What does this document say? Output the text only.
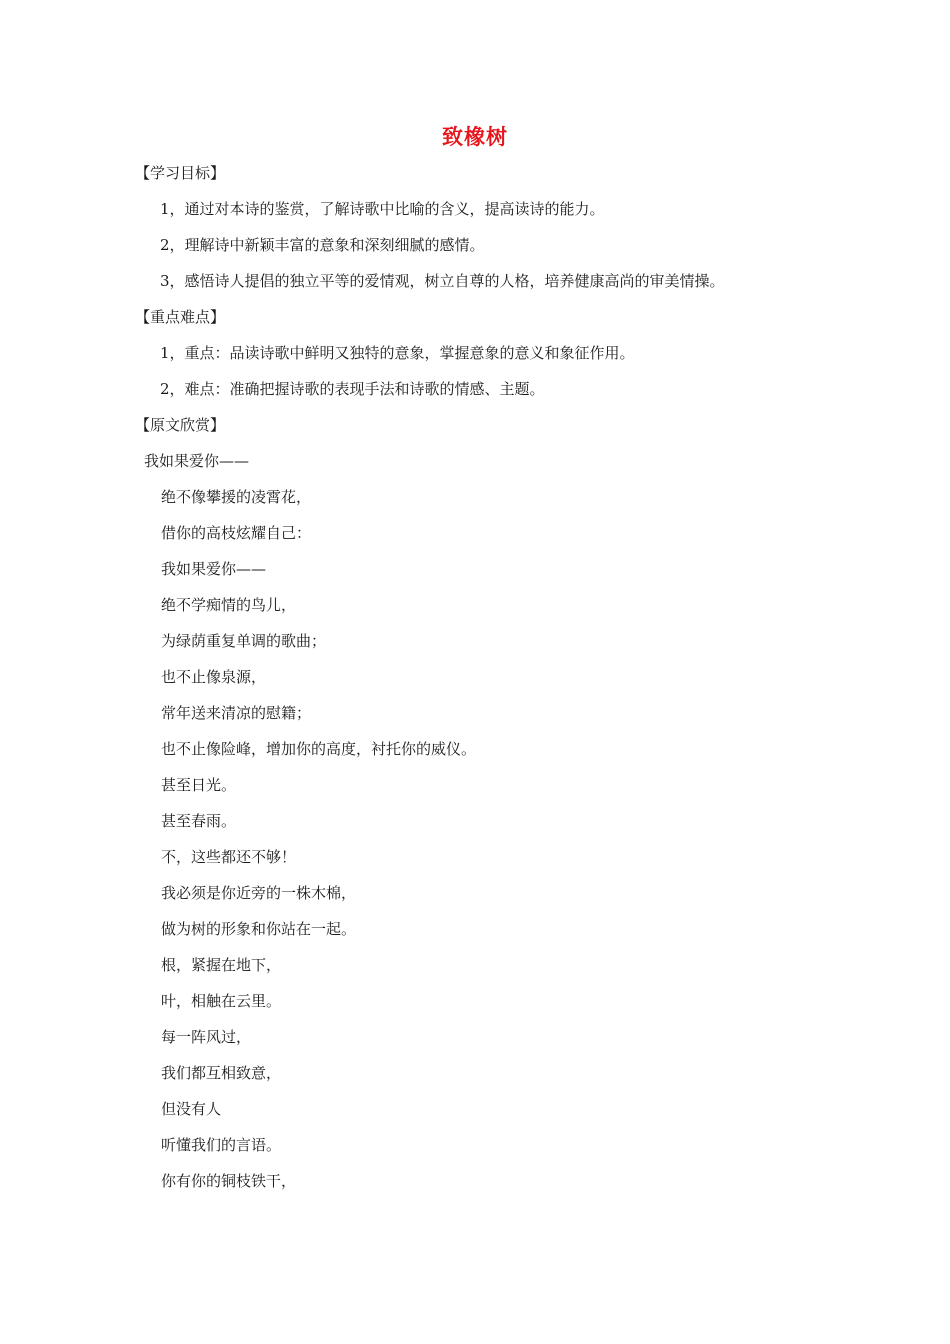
致橡树
【学习目标】
1，通过对本诗的鉴赏，了解诗歌中比喻的含义，提高读诗的能力。
2，理解诗中新颖丰富的意象和深刻细腻的感情。
3，感悟诗人提倡的独立平等的爱情观，树立自尊的人格，培养健康高尚的审美情操。
【重点难点】
1，重点：品读诗歌中鲜明又独特的意象，掌握意象的意义和象征作用。
2，难点：准确把握诗歌的表现手法和诗歌的情感、主题。
【原文欣赏】
我如果爱你——
绝不像攀援的凌霄花，
借你的高枝炫耀自己：
我如果爱你——
绝不学痴情的鸟儿，
为绿荫重复单调的歌曲；
也不止像泉源，
常年送来清凉的慰籍；
也不止像险峰，增加你的高度，衬托你的威仪。
甚至日光。
甚至春雨。
不，这些都还不够！
我必须是你近旁的一株木棉，
做为树的形象和你站在一起。
根，紧握在地下，
叶，相触在云里。
每一阵风过，
我们都互相致意，
但没有人
听懂我们的言语。
你有你的铜枝铁干，
